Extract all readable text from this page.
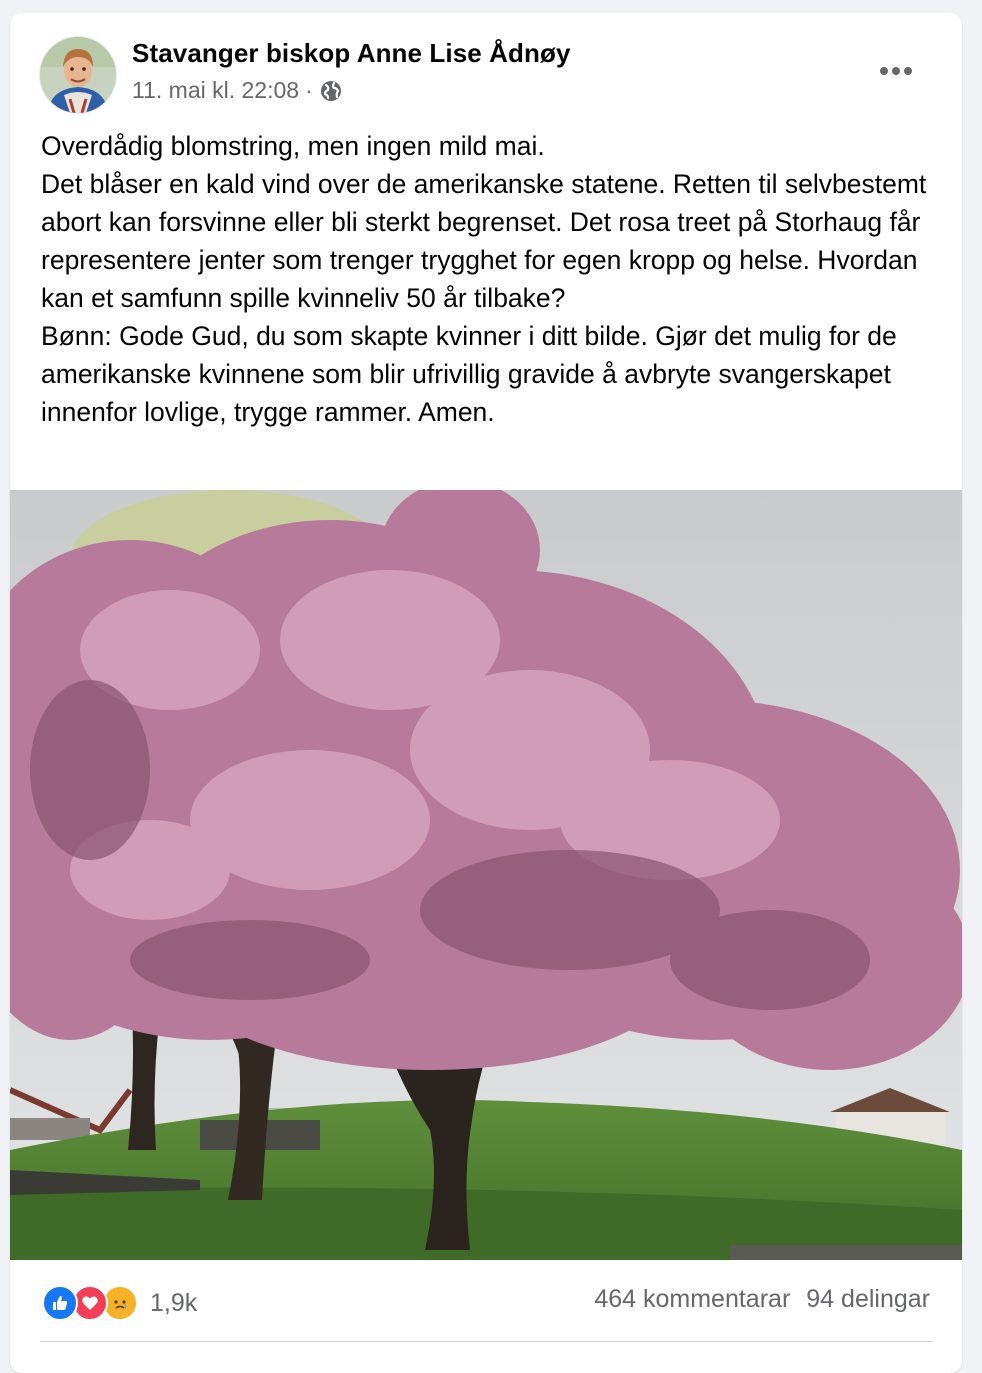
Stavanger biskop Anne Lise Ådnøy
11. mai kl. 22:08 ·

Overdådig blomstring, men ingen mild mai.

Det blåser en kald vind over de amerikanske statene. Retten til selvbestemt abort kan forsvinne eller bli sterkt begrenset. Det rosa treet på Storhaug får representere jenter som trenger trygghet for egen kropp og helse. Hvordan kan et samfunn spille kvinneliv 50 år tilbake?

Bønn: Gode Gud, du som skapte kvinner i ditt bilde. Gjør det mulig for de amerikanske kvinnene som blir ufrivillig gravide å avbryte svangerskapet innenfor lovlige, trygge rammer. Amen.

1,9k	464 kommentarar 94 delingar
